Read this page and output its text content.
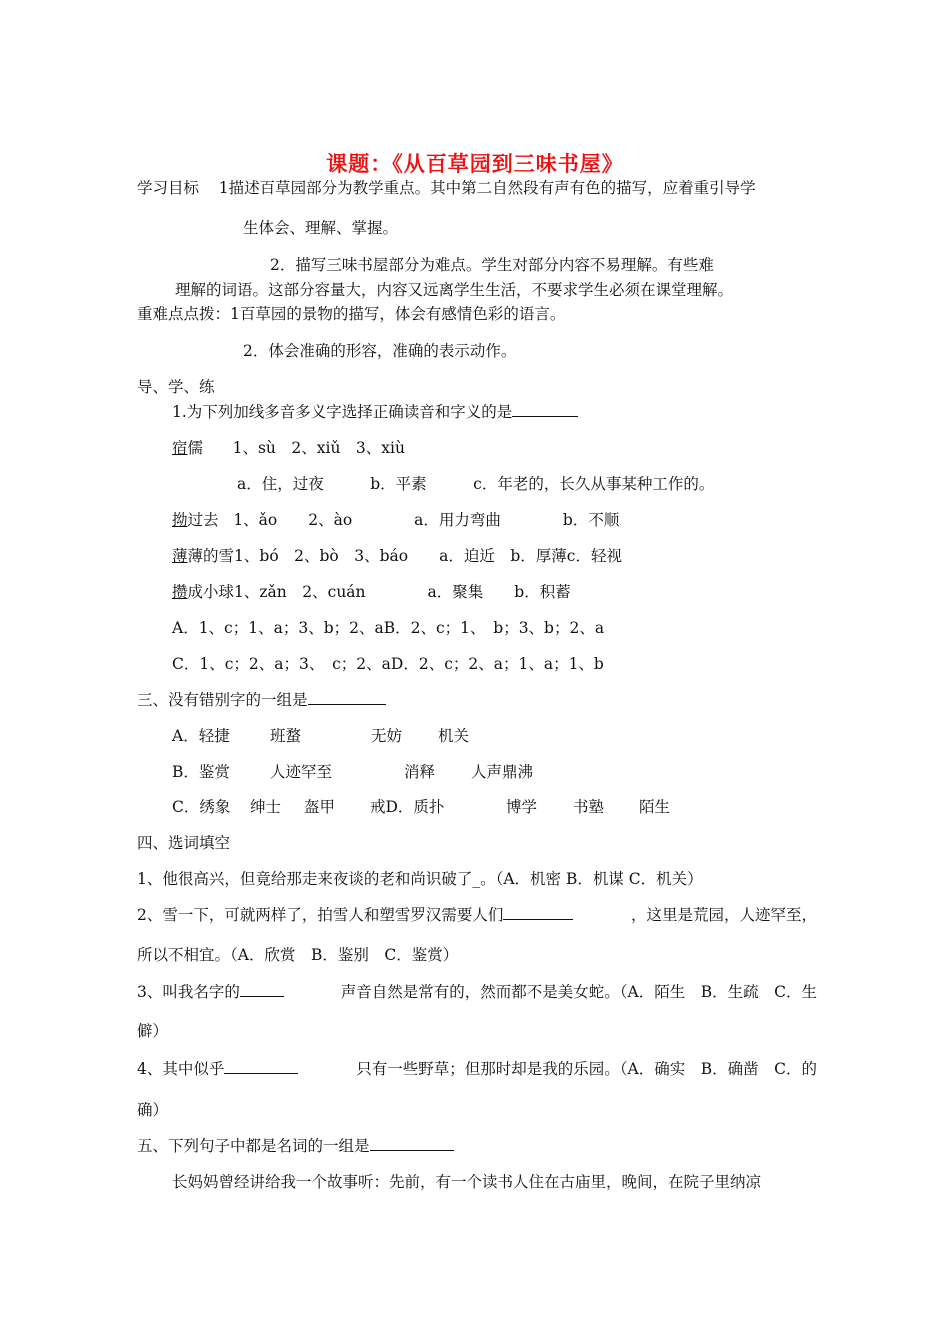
课题：《从百草园到三味书屋》
学习目标 1描述百草园部分为教学重点。其中第二自然段有声有色的描写，应着重引导学
生体会、理解、掌握。
2．描写三味书屋部分为难点。学生对部分内容不易理解。有些难
理解的词语。这部分容量大，内容又远离学生生活，不要求学生必须在课堂理解。
重难点点拨：1百草园的景物的描写，体会有感情色彩的语言。
2．体会准确的形容，准确的表示动作。
导、学、练
1.为下列加线多音多义字选择正确读音和字义的是
宿儒 1、sù　2、xiǔ　3、xiù
a．住，过夜　　　b．平素　　　c．年老的，长久从事某种工作的。
拗过去 1、ǎo　　2、ào　　　　a．用力弯曲　　　　b．不顺
薄薄的雪1、bó　2、bò　3、báo　　a．迫近　b．厚薄c．轻视
攒成小球1、zǎn　2、cuán　　　　a．聚集　　b．积蓄
A．1、c；1、a；3、b；2、aB．2、c；1、　b；3、b；2、a
C．1、c；2、a；3、　c；2、aD．2、c；2、a；1、a；1、b
三、没有错别字的一组是
A．轻捷	班蝥	无妨 机关
B．鉴赏	人迹罕至	消释 人声鼎沸
C．绣象 绅士 盔甲 戒D．质扑	博学 书塾 陌生
四、选词填空
1、他很高兴，但竟给那走来夜谈的老和尚识破了_。（A．机密 B．机谋 C．机关）
2、雪一下，可就两样了，拍雪人和塑雪罗汉需要人们	，这里是荒园，人迹罕至，
所以不相宜。（A．欣赏　B．鉴别　C．鉴赏）
3、叫我名字的	声音自然是常有的，然而都不是美女蛇。（A．陌生　B．生疏　C．生
僻）
4、其中似乎	只有一些野草；但那时却是我的乐园。（A．确实　B．确凿　C．的
确）
五、下列句子中都是名词的一组是
长妈妈曾经讲给我一个故事听：先前，有一个读书人住在古庙里，晚间，在院子里纳凉
